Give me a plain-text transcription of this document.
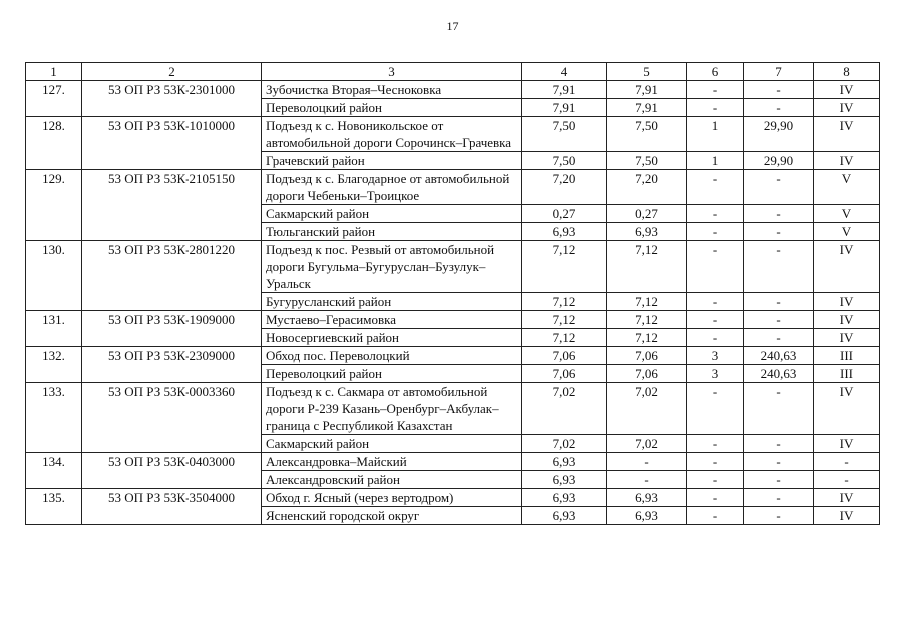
17
1	2	3	4	5	6	7	8
127.	53 ОП РЗ 53К-2301000	Зубочистка Вторая–Чесноковка	7,91	7,91	-	-	IV
		Переволоцкий район	7,91	7,91	-	-	IV
128.	53 ОП РЗ 53К-1010000	Подъезд к с. Новоникольское от автомобильной дороги Сорочинск–Грачевка	7,50	7,50	1	29,90	IV
		Грачевский район	7,50	7,50	1	29,90	IV
129.	53 ОП РЗ 53К-2105150	Подъезд к с. Благодарное от автомобильной дороги Чебеньки–Троицкое	7,20	7,20	-	-	V
		Сакмарский район	0,27	0,27	-	-	V
		Тюльганский район	6,93	6,93	-	-	V
130.	53 ОП РЗ 53К-2801220	Подъезд к пос. Резвый от автомобильной дороги Бугульма–Бугуруслан–Бузулук–Уральск	7,12	7,12	-	-	IV
		Бугурусланский район	7,12	7,12	-	-	IV
131.	53 ОП РЗ 53К-1909000	Мустаево–Герасимовка	7,12	7,12	-	-	IV
		Новосергиевский район	7,12	7,12	-	-	IV
132.	53 ОП РЗ 53К-2309000	Обход пос. Переволоцкий	7,06	7,06	3	240,63	III
		Переволоцкий район	7,06	7,06	3	240,63	III
133.	53 ОП РЗ 53К-0003360	Подъезд к с. Сакмара от автомобильной дороги Р-239 Казань–Оренбург–Акбулак–граница с Республикой Казахстан	7,02	7,02	-	-	IV
		Сакмарский район	7,02	7,02	-	-	IV
134.	53 ОП РЗ 53К-0403000	Александровка–Майский	6,93	-	-	-	-
		Александровский район	6,93	-	-	-	-
135.	53 ОП РЗ 53К-3504000	Обход г. Ясный (через вертодром)	6,93	6,93	-	-	IV
		Ясненский городской округ	6,93	6,93	-	-	IV
